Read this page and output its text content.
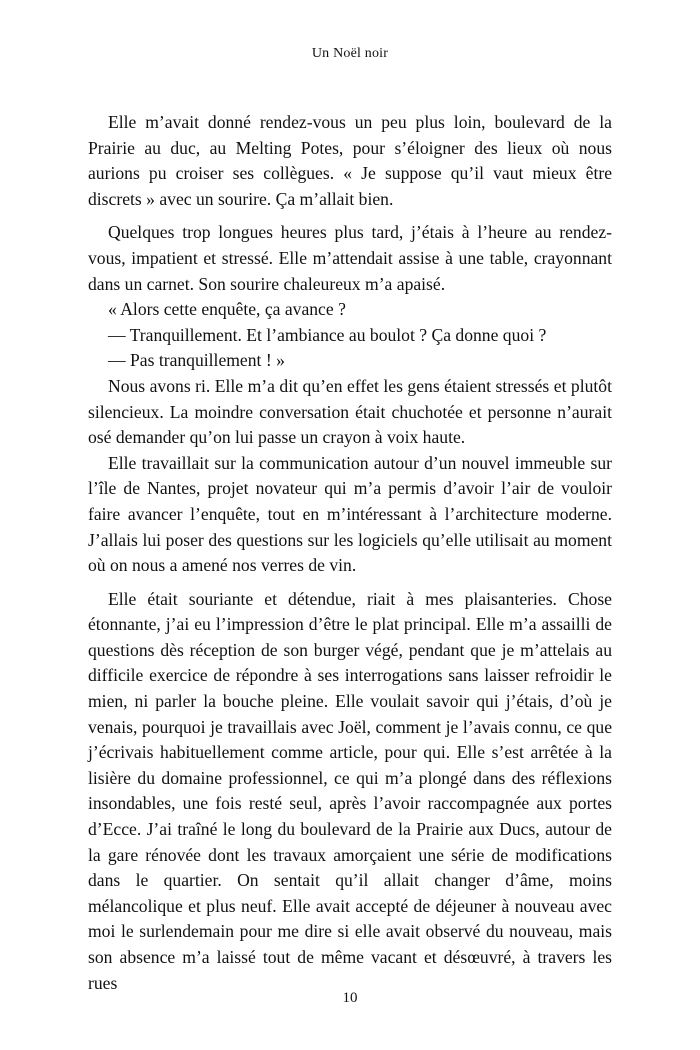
Un Noël noir

Elle m’avait donné rendez-vous un peu plus loin, boulevard de la Prairie au duc, au Melting Potes, pour s’éloigner des lieux où nous aurions pu croiser ses collègues. « Je suppose qu’il vaut mieux être discrets » avec un sourire. Ça m’allait bien.

Quelques trop longues heures plus tard, j’étais à l’heure au rendez-vous, impatient et stressé. Elle m’attendait assise à une table, crayonnant dans un carnet. Son sourire chaleureux m’a apaisé.

« Alors cette enquête, ça avance ?

— Tranquillement. Et l’ambiance au boulot ? Ça donne quoi ?

— Pas tranquillement ! »

Nous avons ri. Elle m’a dit qu’en effet les gens étaient stressés et plutôt silencieux. La moindre conversation était chuchotée et personne n’aurait osé demander qu’on lui passe un crayon à voix haute.

Elle travaillait sur la communication autour d’un nouvel immeuble sur l’île de Nantes, projet novateur qui m’a permis d’avoir l’air de vouloir faire avancer l’enquête, tout en m’intéressant à l’architecture moderne. J’allais lui poser des questions sur les logiciels qu’elle utilisait au moment où on nous a amené nos verres de vin.

Elle était souriante et détendue, riait à mes plaisanteries. Chose étonnante, j’ai eu l’impression d’être le plat principal. Elle m’a assailli de questions dès réception de son burger végé, pendant que je m’attelais au difficile exercice de répondre à ses interrogations sans laisser refroidir le mien, ni parler la bouche pleine. Elle voulait savoir qui j’étais, d’où je venais, pourquoi je travaillais avec Joël, comment je l’avais connu, ce que j’écrivais habituellement comme article, pour qui. Elle s’est arrêtée à la lisière du domaine professionnel, ce qui m’a plongé dans des réflexions insondables, une fois resté seul, après l’avoir raccompagnée aux portes d’Ecce. J’ai traîné le long du boulevard de la Prairie aux Ducs, autour de la gare rénovée dont les travaux amorçaient une série de modifications dans le quartier. On sentait qu’il allait changer d’âme, moins mélancolique et plus neuf. Elle avait accepté de déjeuner à nouveau avec moi le surlendemain pour me dire si elle avait observé du nouveau, mais son absence m’a laissé tout de même vacant et désœuvré, à travers les rues

10
